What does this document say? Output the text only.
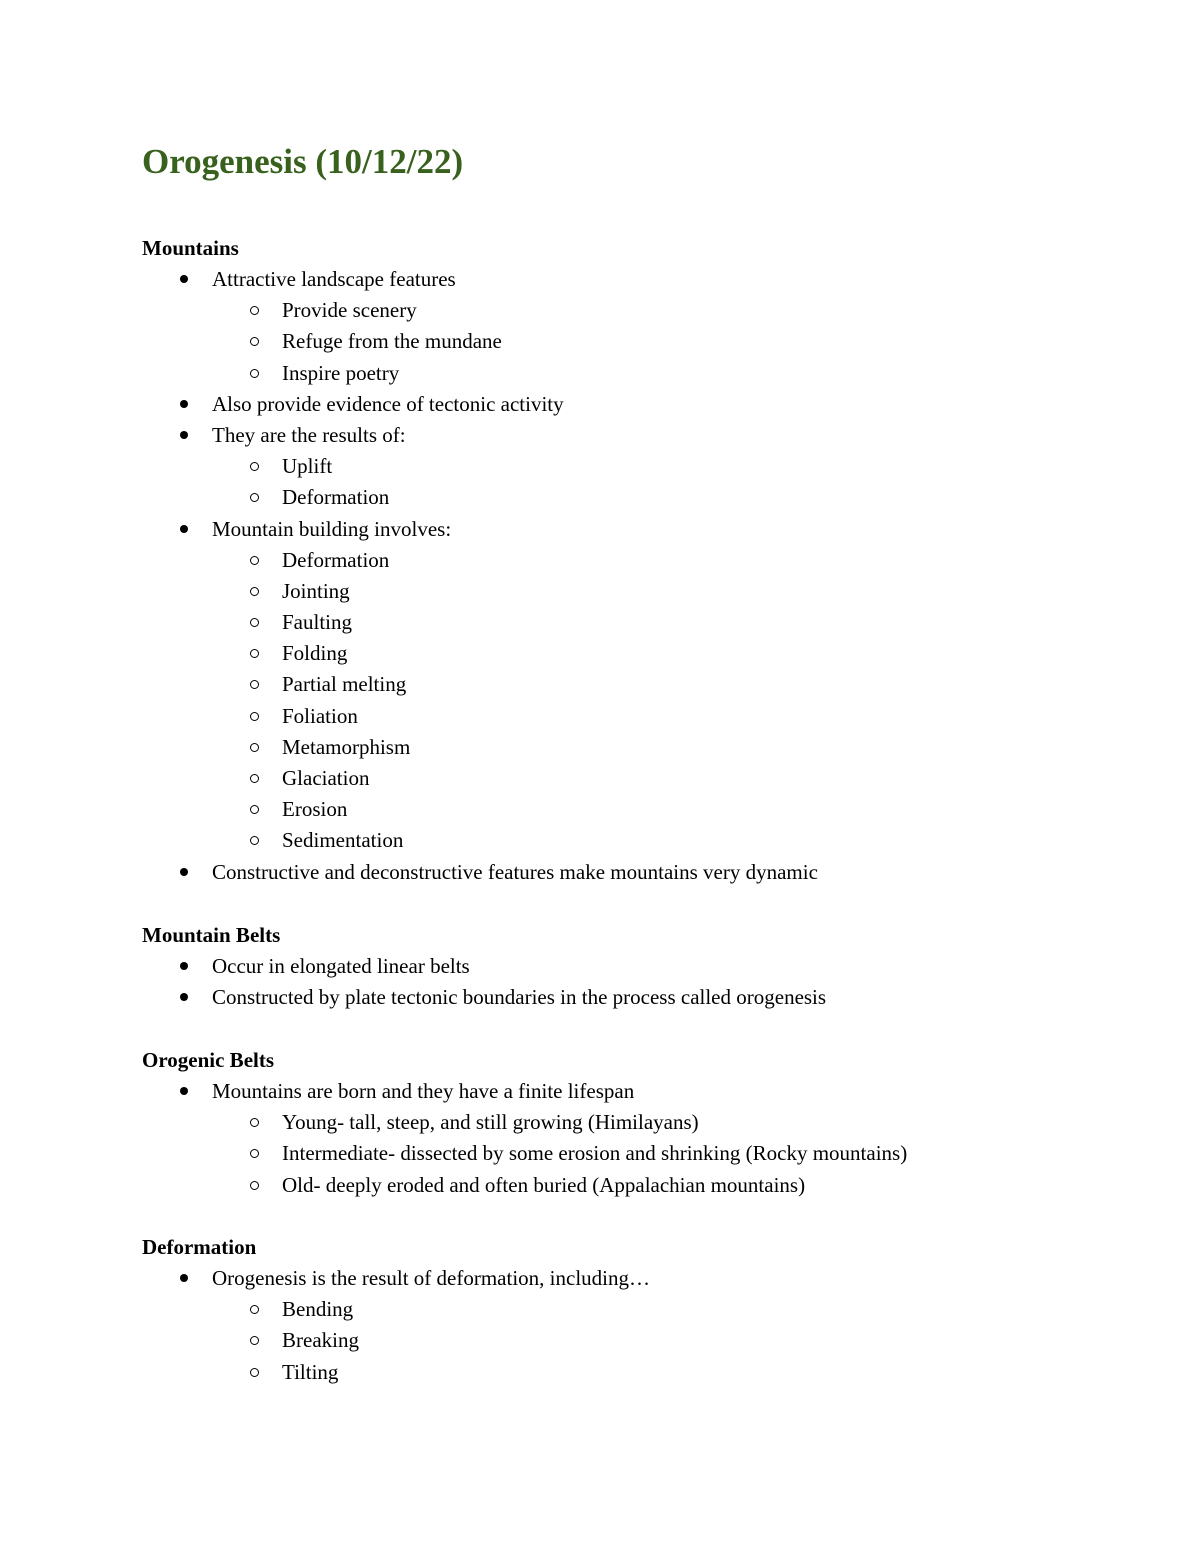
Orogenesis (10/12/22)
Mountains
Attractive landscape features
Provide scenery
Refuge from the mundane
Inspire poetry
Also provide evidence of tectonic activity
They are the results of:
Uplift
Deformation
Mountain building involves:
Deformation
Jointing
Faulting
Folding
Partial melting
Foliation
Metamorphism
Glaciation
Erosion
Sedimentation
Constructive and deconstructive features make mountains very dynamic
Mountain Belts
Occur in elongated linear belts
Constructed by plate tectonic boundaries in the process called orogenesis
Orogenic Belts
Mountains are born and they have a finite lifespan
Young- tall, steep, and still growing (Himilayans)
Intermediate- dissected by some erosion and shrinking (Rocky mountains)
Old- deeply eroded and often buried (Appalachian mountains)
Deformation
Orogenesis is the result of deformation, including…
Bending
Breaking
Tilting
